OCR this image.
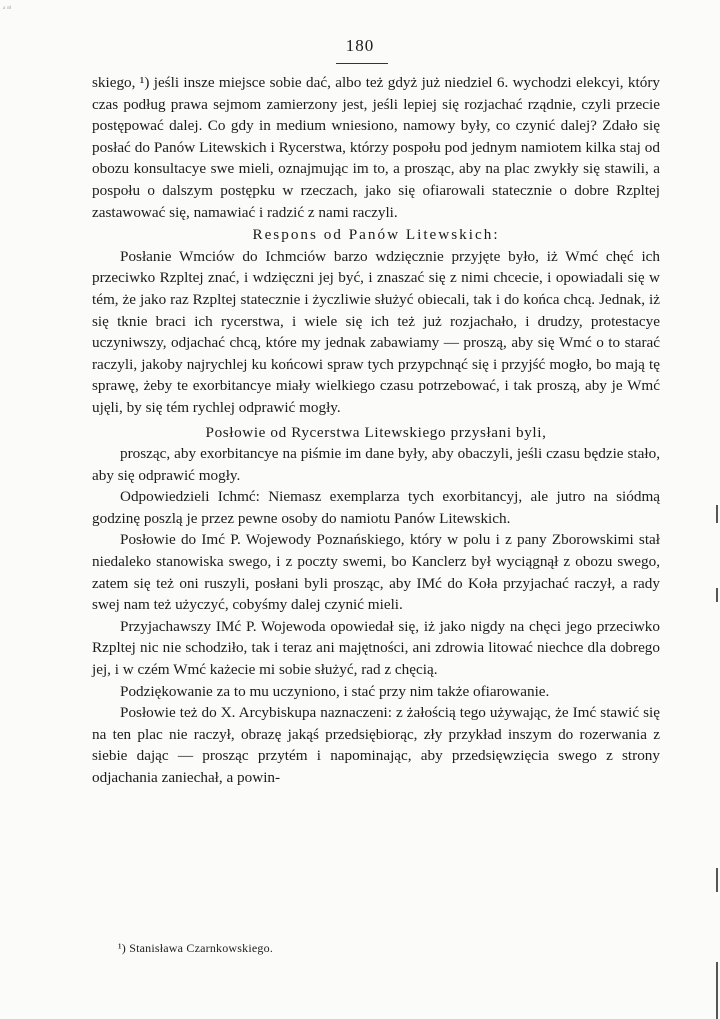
ᵃ ⁿⁱ
180

skiego, ¹) jeśli insze miejsce sobie dać, albo też gdyż już niedziel 6. wychodzi elekcyi, który czas podług prawa sejmom zamierzony jest, jeśli lepiej się rozjachać rządnie, czyli przecie postępować dalej. Co gdy in medium wniesiono, namowy były, co czynić dalej? Zdało się posłać do Panów Litewskich i Rycerstwa, którzy pospołu pod jednym namiotem kilka staj od obozu konsultacye swe mieli, oznajmując im to, a prosząc, aby na plac zwykły się stawili, a pospołu o dalszym postępku w rzeczach, jako się ofiarowali statecznie o dobre Rzpltej zastawować się, namawiać i radzić z nami raczyli.

Respons od Panów Litewskich:

Posłanie Wmciów do Ichmciów barzo wdzięcznie przyjęte było, iż Wmć chęć ich przeciwko Rzpltej znać, i wdzięczni jej być, i znaszać się z nimi chcecie, i opowiadali się w tém, że jako raz Rzpltej statecznie i życzliwie służyć obiecali, tak i do końca chcą. Jednak, iż się tknie braci ich rycerstwa, i wiele się ich też już rozjachało, i drudzy, protestacye uczyniwszy, odjachać chcą, które my jednak zabawiamy — proszą, aby się Wmć o to starać raczyli, jakoby najrychlej ku końcowi spraw tych przypchnąć się i przyjść mogło, bo mają tę sprawę, żeby te exorbitancye miały wielkiego czasu potrzebować, i tak proszą, aby je Wmć ujęli, by się tém rychlej odprawić mogły.

Posłowie od Rycerstwa Litewskiego przysłani byli,

prosząc, aby exorbitancye na piśmie im dane były, aby obaczyli, jeśli czasu będzie stało, aby się odprawić mogły.

Odpowiedzieli Ichmć: Niemasz exemplarza tych exorbitancyj, ale jutro na siódmą godzinę poszlą je przez pewne osoby do namiotu Panów Litewskich.

Posłowie do Imć P. Wojewody Poznańskiego, który w polu i z pany Zborowskimi stał niedaleko stanowiska swego, i z poczty swemi, bo Kanclerz był wyciągnął z obozu swego, zatem się też oni ruszyli, posłani byli prosząc, aby IMć do Koła przyjachać raczył, a rady swej nam też użyczyć, cobyśmy dalej czynić mieli.

Przyjachawszy IMć P. Wojewoda opowiedał się, iż jako nigdy na chęci jego przeciwko Rzpltej nic nie schodziło, tak i teraz ani majętności, ani zdrowia litować niechce dla dobrego jej, i w czém Wmć każecie mi sobie służyć, rad z chęcią.

Podziękowanie za to mu uczyniono, i stać przy nim także ofiarowanie.

Posłowie też do X. Arcybiskupa naznaczeni: z żałością tego używając, że Imć stawić się na ten plac nie raczył, obrazę jakąś przedsiębiorąc, zły przykład inszym do rozerwania z siebie dając — prosząc przytém i napominając, aby przedsięwzięcia swego z strony odjachania zaniechał, a powin-

¹) Stanisława Czarnkowskiego.
